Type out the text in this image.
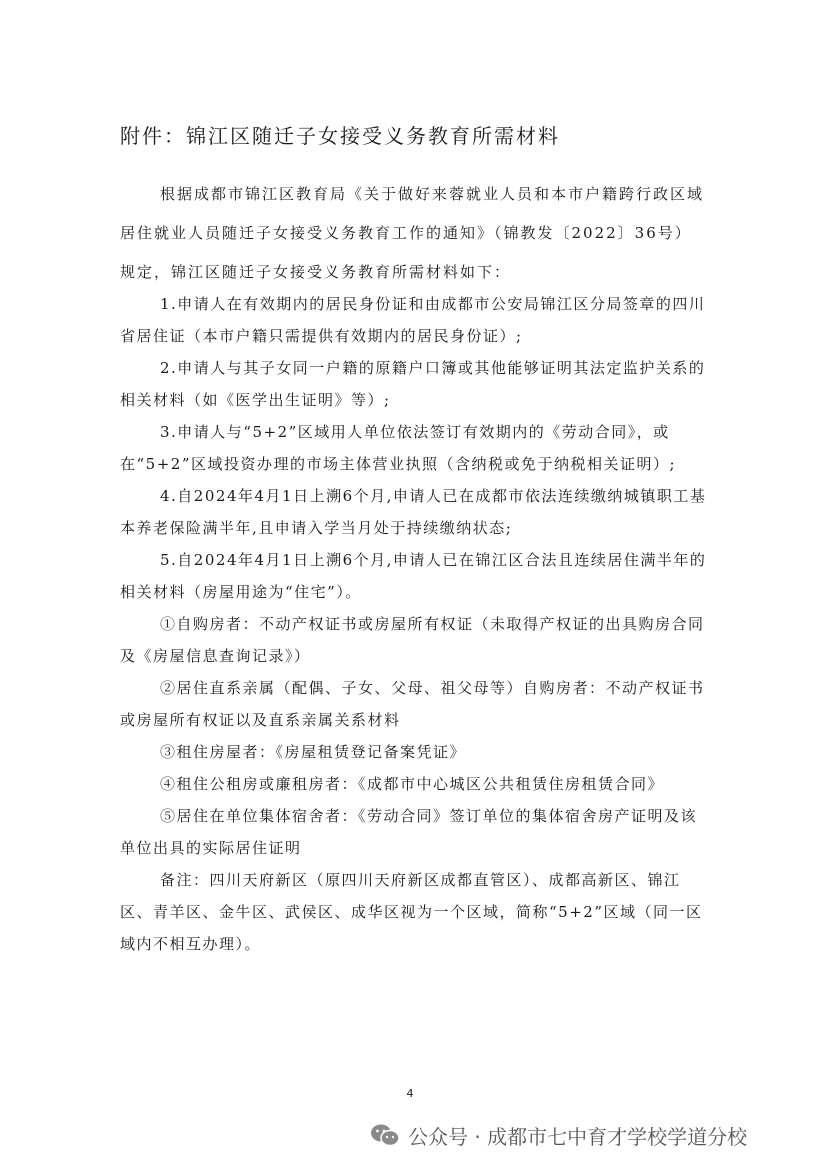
附件：锦江区随迁子女接受义务教育所需材料

根据成都市锦江区教育局《关于做好来蓉就业人员和本市户籍跨行政区域居住就业人员随迁子女接受义务教育工作的通知》（锦教发〔2022〕36号）规定，锦江区随迁子女接受义务教育所需材料如下：

1.申请人在有效期内的居民身份证和由成都市公安局锦江区分局签章的四川省居住证（本市户籍只需提供有效期内的居民身份证）;

2.申请人与其子女同一户籍的原籍户口簿或其他能够证明其法定监护关系的相关材料（如《医学出生证明》等）;

3.申请人与“5+2”区域用人单位依法签订有效期内的《劳动合同》，或在“5+2”区域投资办理的市场主体营业执照（含纳税或免于纳税相关证明）;

4.自2024年4月1日上溯6个月,申请人已在成都市依法连续缴纳城镇职工基本养老保险满半年,且申请入学当月处于持续缴纳状态;

5.自2024年4月1日上溯6个月,申请人已在锦江区合法且连续居住满半年的相关材料（房屋用途为“住宅”）。

①自购房者：不动产权证书或房屋所有权证（未取得产权证的出具购房合同及《房屋信息查询记录》）

②居住直系亲属（配偶、子女、父母、祖父母等）自购房者：不动产权证书或房屋所有权证以及直系亲属关系材料

③租住房屋者：《房屋租赁登记备案凭证》

④租住公租房或廉租房者：《成都市中心城区公共租赁住房租赁合同》

⑤居住在单位集体宿舍者：《劳动合同》签订单位的集体宿舍房产证明及该单位出具的实际居住证明

备注：四川天府新区（原四川天府新区成都直管区）、成都高新区、锦江区、青羊区、金牛区、武侯区、成华区视为一个区域，简称“5+2”区域（同一区域内不相互办理）。

4
公众号 · 成都市七中育才学校学道分校
